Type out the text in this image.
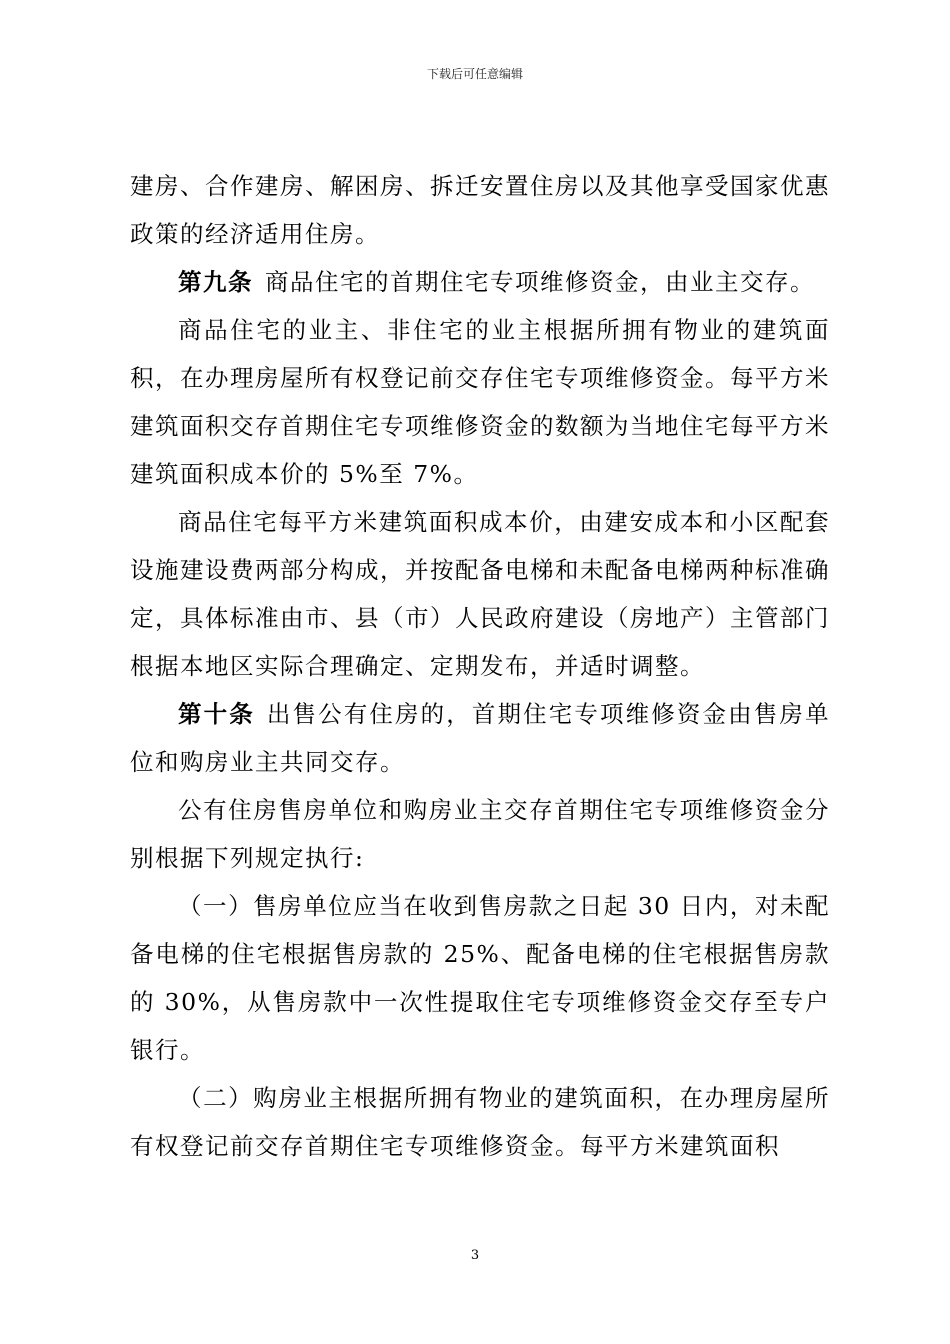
下载后可任意编辑

建房、合作建房、解困房、拆迁安置住房以及其他享受国家优惠政策的经济适用住房。

第九条 商品住宅的首期住宅专项维修资金，由业主交存。

商品住宅的业主、非住宅的业主根据所拥有物业的建筑面积，在办理房屋所有权登记前交存住宅专项维修资金。每平方米建筑面积交存首期住宅专项维修资金的数额为当地住宅每平方米建筑面积成本价的 5%至 7%。

商品住宅每平方米建筑面积成本价，由建安成本和小区配套设施建设费两部分构成，并按配备电梯和未配备电梯两种标准确定，具体标准由市、县（市）人民政府建设（房地产）主管部门根据本地区实际合理确定、定期发布，并适时调整。

第十条 出售公有住房的，首期住宅专项维修资金由售房单位和购房业主共同交存。

公有住房售房单位和购房业主交存首期住宅专项维修资金分别根据下列规定执行:

（一）售房单位应当在收到售房款之日起 30 日内，对未配备电梯的住宅根据售房款的 25%、配备电梯的住宅根据售房款的 30%，从售房款中一次性提取住宅专项维修资金交存至专户银行。

（二）购房业主根据所拥有物业的建筑面积，在办理房屋所有权登记前交存首期住宅专项维修资金。每平方米建筑面积

3
